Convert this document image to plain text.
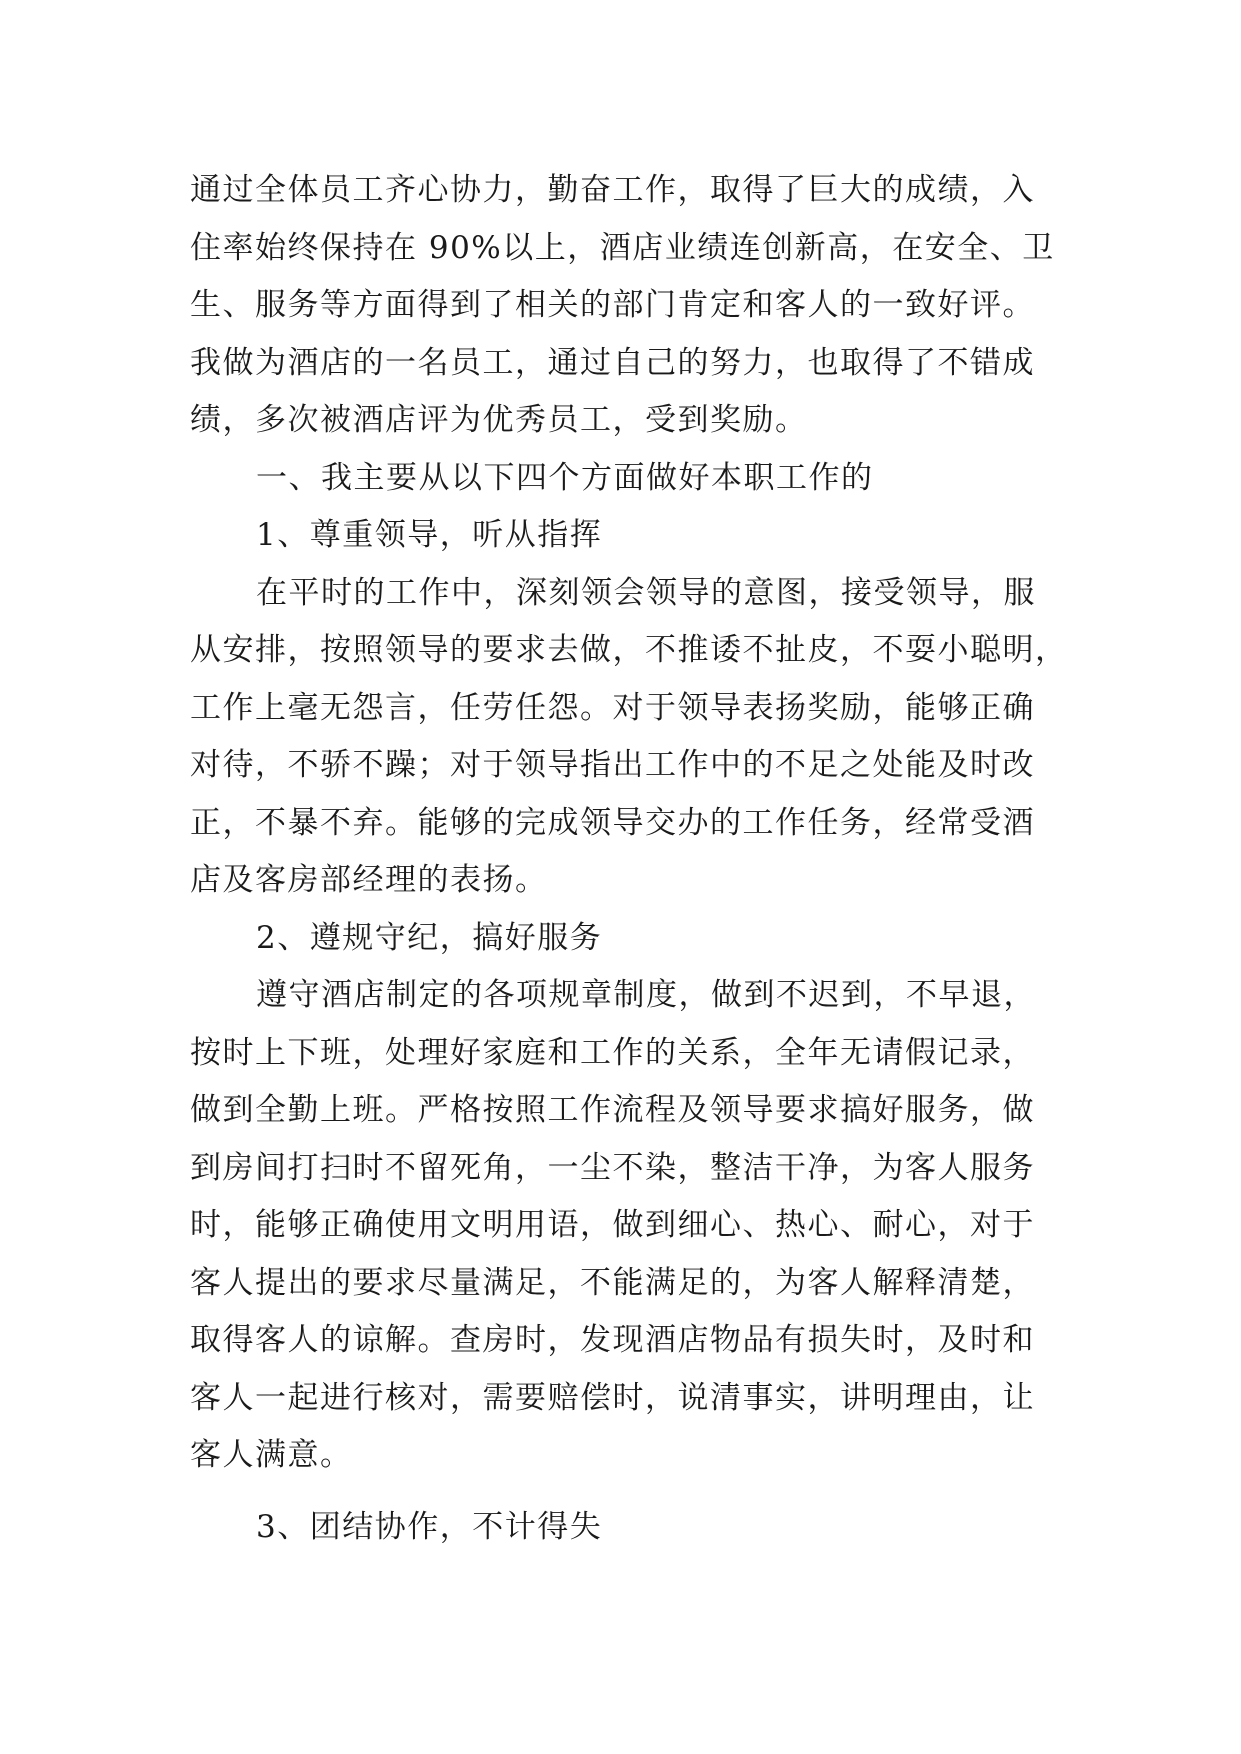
通过全体员工齐心协力，勤奋工作，取得了巨大的成绩，入
住率始终保持在 90%以上，酒店业绩连创新高，在安全、卫
生、服务等方面得到了相关的部门肯定和客人的一致好评。
我做为酒店的一名员工，通过自己的努力，也取得了不错成
绩，多次被酒店评为优秀员工，受到奖励。
一、我主要从以下四个方面做好本职工作的
1、尊重领导，听从指挥
在平时的工作中，深刻领会领导的意图，接受领导，服
从安排，按照领导的要求去做，不推诿不扯皮，不耍小聪明，
工作上毫无怨言，任劳任怨。对于领导表扬奖励，能够正确
对待，不骄不躁；对于领导指出工作中的不足之处能及时改
正，不暴不弃。能够的完成领导交办的工作任务，经常受酒
店及客房部经理的表扬。
2、遵规守纪，搞好服务
遵守酒店制定的各项规章制度，做到不迟到，不早退，
按时上下班，处理好家庭和工作的关系，全年无请假记录，
做到全勤上班。严格按照工作流程及领导要求搞好服务，做
到房间打扫时不留死角，一尘不染，整洁干净，为客人服务
时，能够正确使用文明用语，做到细心、热心、耐心，对于
客人提出的要求尽量满足，不能满足的，为客人解释清楚，
取得客人的谅解。查房时，发现酒店物品有损失时，及时和
客人一起进行核对，需要赔偿时，说清事实，讲明理由，让
客人满意。
3、团结协作，不计得失
